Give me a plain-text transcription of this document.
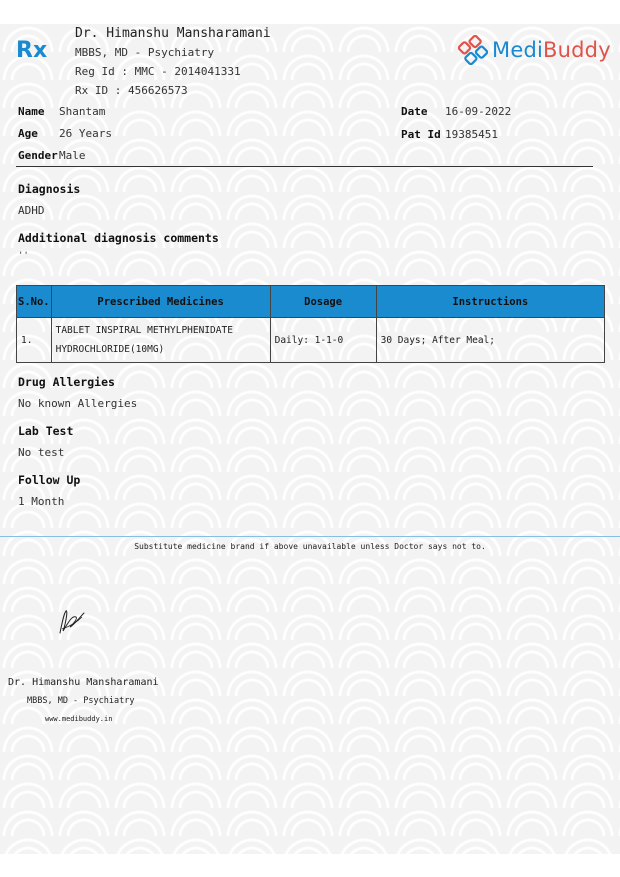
Rx
Dr. Himanshu Mansharamani
MBBS, MD - Psychiatry
Reg Id : MMC - 2014041331
Rx ID : 456626573
MediBuddy
Name Shantam
Age 26 Years
Gender Male
Date 16-09-2022
Pat Id 19385451
Diagnosis
ADHD
Additional diagnosis comments
''
S.No.	Prescribed Medicines	Dosage	Instructions
1.	TABLET INSPIRAL METHYLPHENIDATE
HYDROCHLORIDE(10MG)	Daily: 1-1-0	30 Days; After Meal;
Drug Allergies
No known Allergies
Lab Test
No test
Follow Up
1 Month
Substitute medicine brand if above unavailable unless Doctor says not to.
Dr. Himanshu Mansharamani
MBBS, MD - Psychiatry
www.medibuddy.in
